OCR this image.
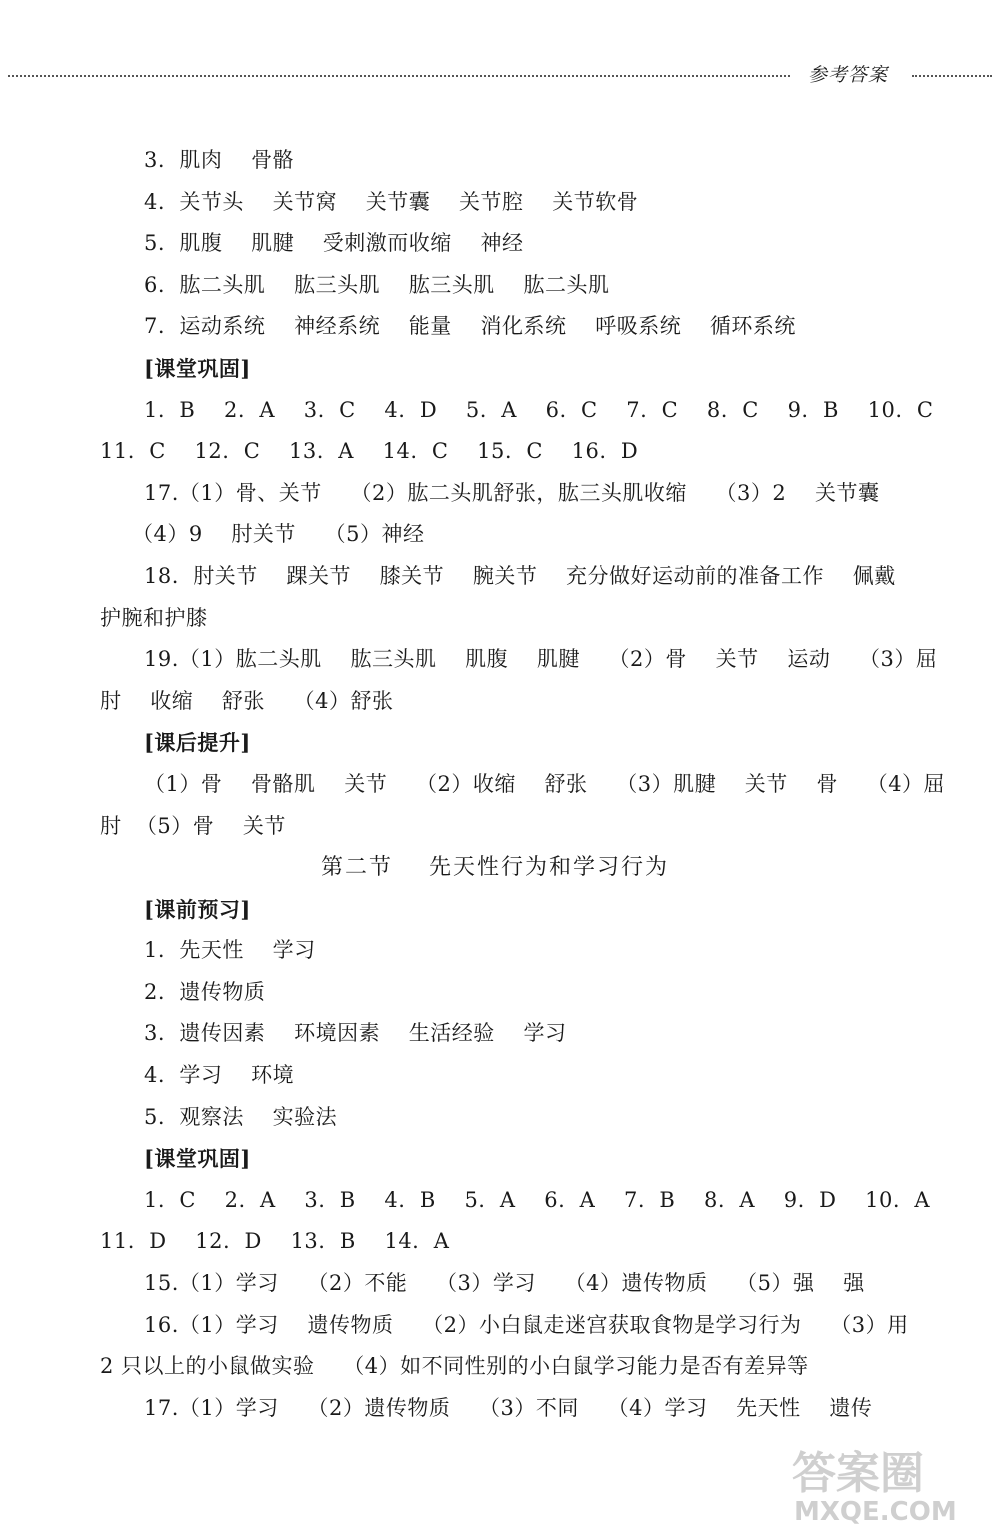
参考答案
3.  肌肉    骨骼
4.  关节头    关节窝    关节囊    关节腔    关节软骨
5.  肌腹    肌腱    受刺激而收缩    神经
6.  肱二头肌    肱三头肌    肱三头肌    肱二头肌
7.  运动系统    神经系统    能量    消化系统    呼吸系统    循环系统
[课堂巩固]
1.  B    2.  A    3.  C    4.  D    5.  A    6.  C    7.  C    8.  C    9.  B    10.  C
11.  C    12.  C    13.  A    14.  C    15.  C    16.  D
17.（1）骨、关节    （2）肱二头肌舒张，肱三头肌收缩    （3）2    关节囊
（4）9    肘关节    （5）神经
18.  肘关节    踝关节    膝关节    腕关节    充分做好运动前的准备工作    佩戴
护腕和护膝
19.（1）肱二头肌    肱三头肌    肌腹    肌腱    （2）骨    关节    运动    （3）屈
肘    收缩    舒张    （4）舒张
[课后提升]
（1）骨    骨骼肌    关节    （2）收缩    舒张    （3）肌腱    关节    骨    （4）屈
肘  （5）骨    关节
第二节    先天性行为和学习行为
[课前预习]
1.  先天性    学习
2.  遗传物质
3.  遗传因素    环境因素    生活经验    学习
4.  学习    环境
5.  观察法    实验法
[课堂巩固]
1.  C    2.  A    3.  B    4.  B    5.  A    6.  A    7.  B    8.  A    9.  D    10.  A
11.  D    12.  D    13.  B    14.  A
15.（1）学习    （2）不能    （3）学习    （4）遗传物质    （5）强    强
16.（1）学习    遗传物质    （2）小白鼠走迷宫获取食物是学习行为    （3）用
2 只以上的小鼠做实验    （4）如不同性别的小白鼠学习能力是否有差异等
17.（1）学习    （2）遗传物质    （3）不同    （4）学习    先天性    遗传
答案圈
MXQE.COM
